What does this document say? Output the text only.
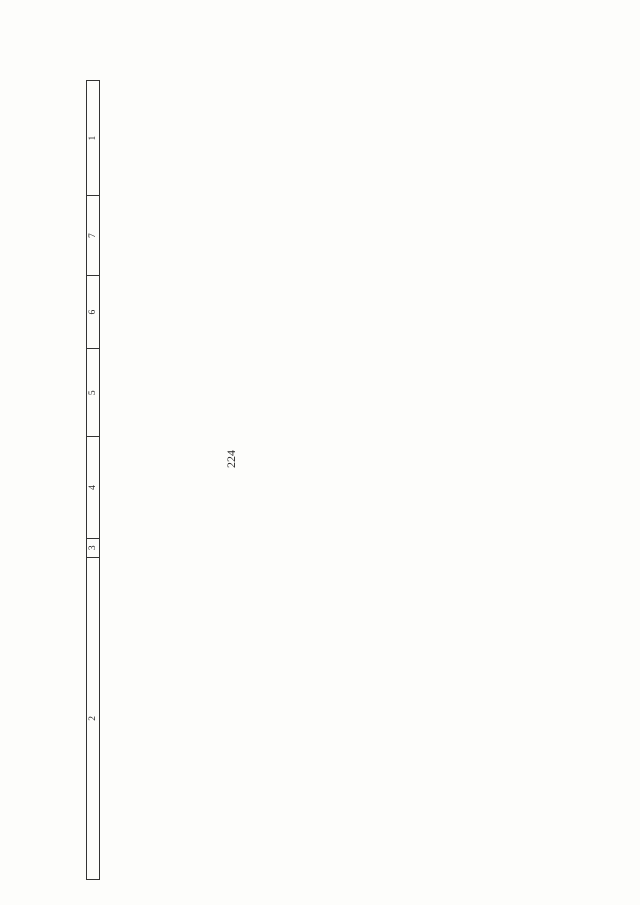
224
2	3	4	5	6	7	1
